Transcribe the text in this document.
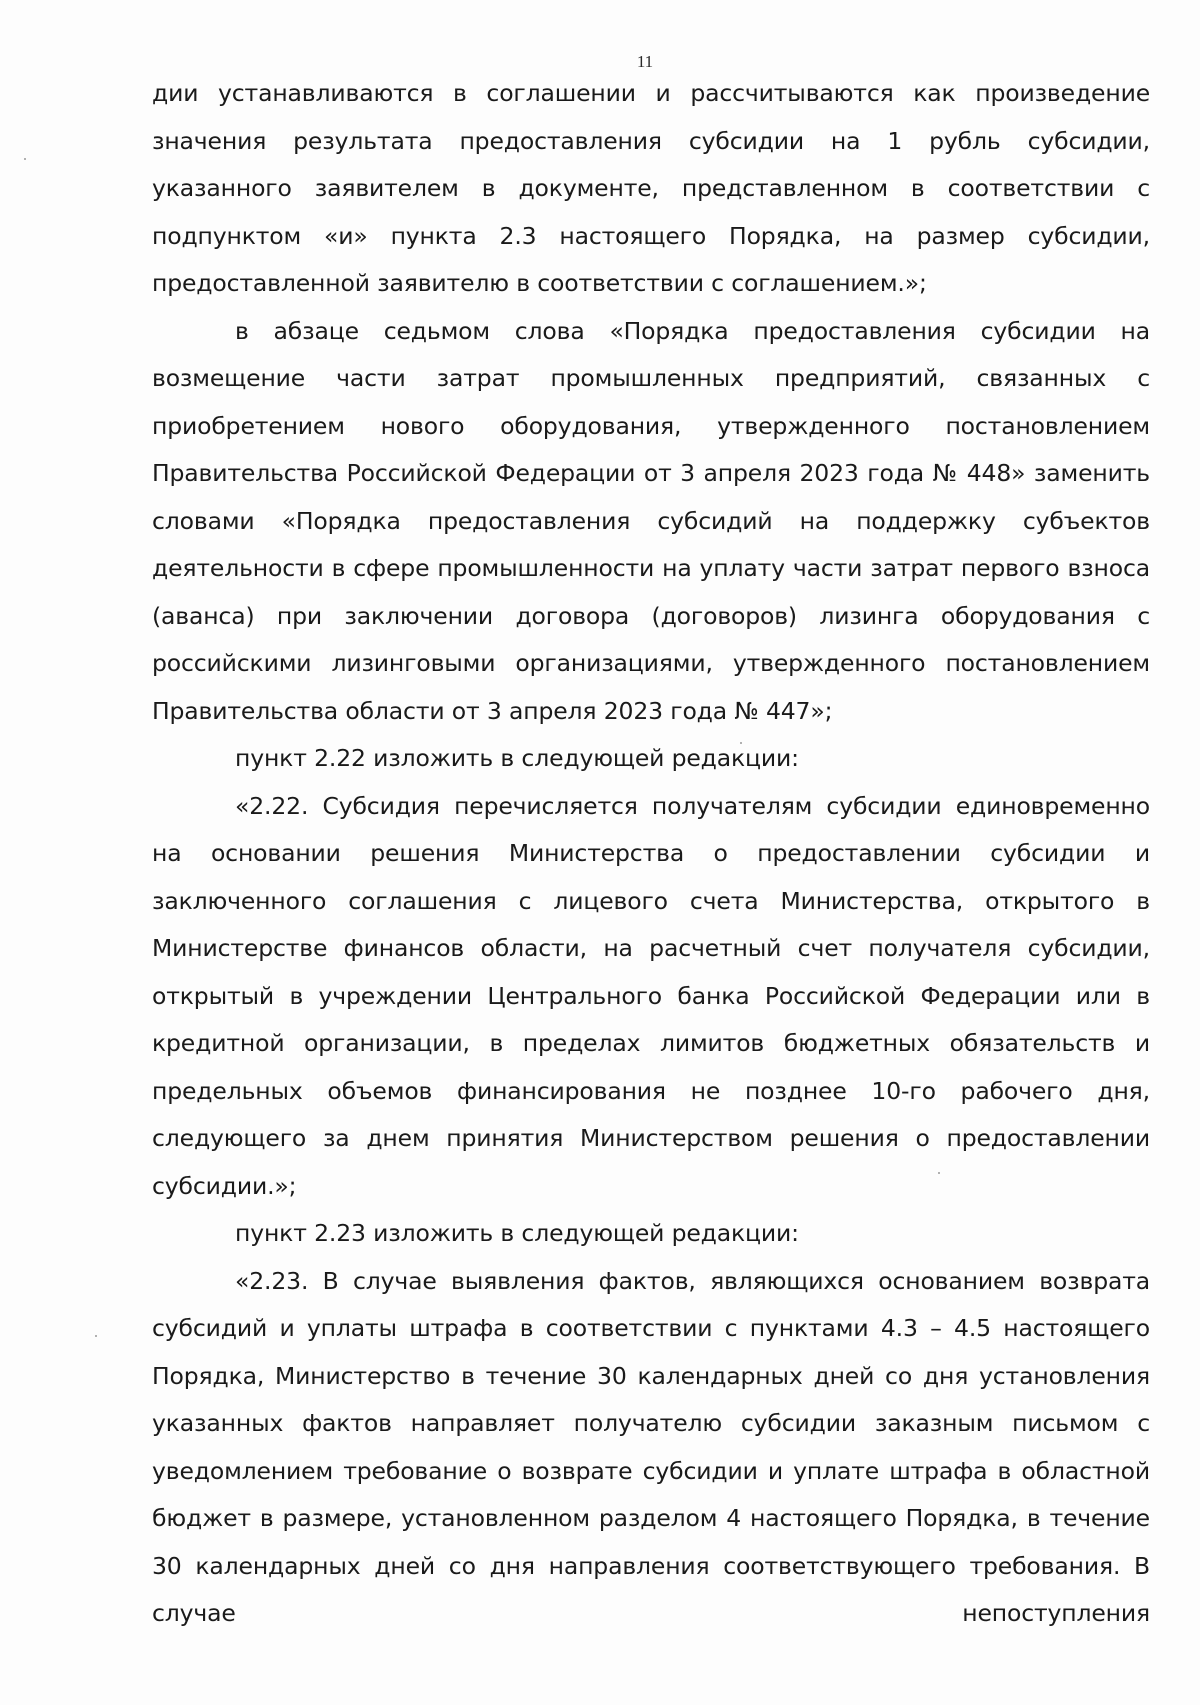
11

дии устанавливаются в соглашении и рассчитываются как произведение значения результата предоставления субсидии на 1 рубль субсидии, указанного заявителем в документе, представленном в соответствии с подпунктом «и» пункта 2.3 настоящего Порядка, на размер субсидии, предоставленной заявителю в соответствии с соглашением.»;

в абзаце седьмом слова «Порядка предоставления субсидии на возмещение части затрат промышленных предприятий, связанных с приобретением нового оборудования, утвержденного постановлением Правительства Российской Федерации от 3 апреля 2023 года № 448» заменить словами «Порядка предоставления субсидий на поддержку субъектов деятельности в сфере промышленности на уплату части затрат первого взноса (аванса) при заключении договора (договоров) лизинга оборудования с российскими лизинговыми организациями, утвержденного постановлением Правительства области от 3 апреля 2023 года № 447»;

пункт 2.22 изложить в следующей редакции:

«2.22. Субсидия перечисляется получателям субсидии единовременно на основании решения Министерства о предоставлении субсидии и заключенного соглашения с лицевого счета Министерства, открытого в Министерстве финансов области, на расчетный счет получателя субсидии, открытый в учреждении Центрального банка Российской Федерации или в кредитной организации, в пределах лимитов бюджетных обязательств и предельных объемов финансирования не позднее 10-го рабочего дня, следующего за днем принятия Министерством решения о предоставлении субсидии.»;

пункт 2.23 изложить в следующей редакции:

«2.23. В случае выявления фактов, являющихся основанием возврата субсидий и уплаты штрафа в соответствии с пунктами 4.3 – 4.5 настоящего Порядка, Министерство в течение 30 календарных дней со дня установления указанных фактов направляет получателю субсидии заказным письмом с уведомлением требование о возврате субсидии и уплате штрафа в областной бюджет в размере, установленном разделом 4 настоящего Порядка, в течение 30 календарных дней со дня направления соответствующего требования. В случае непоступления
